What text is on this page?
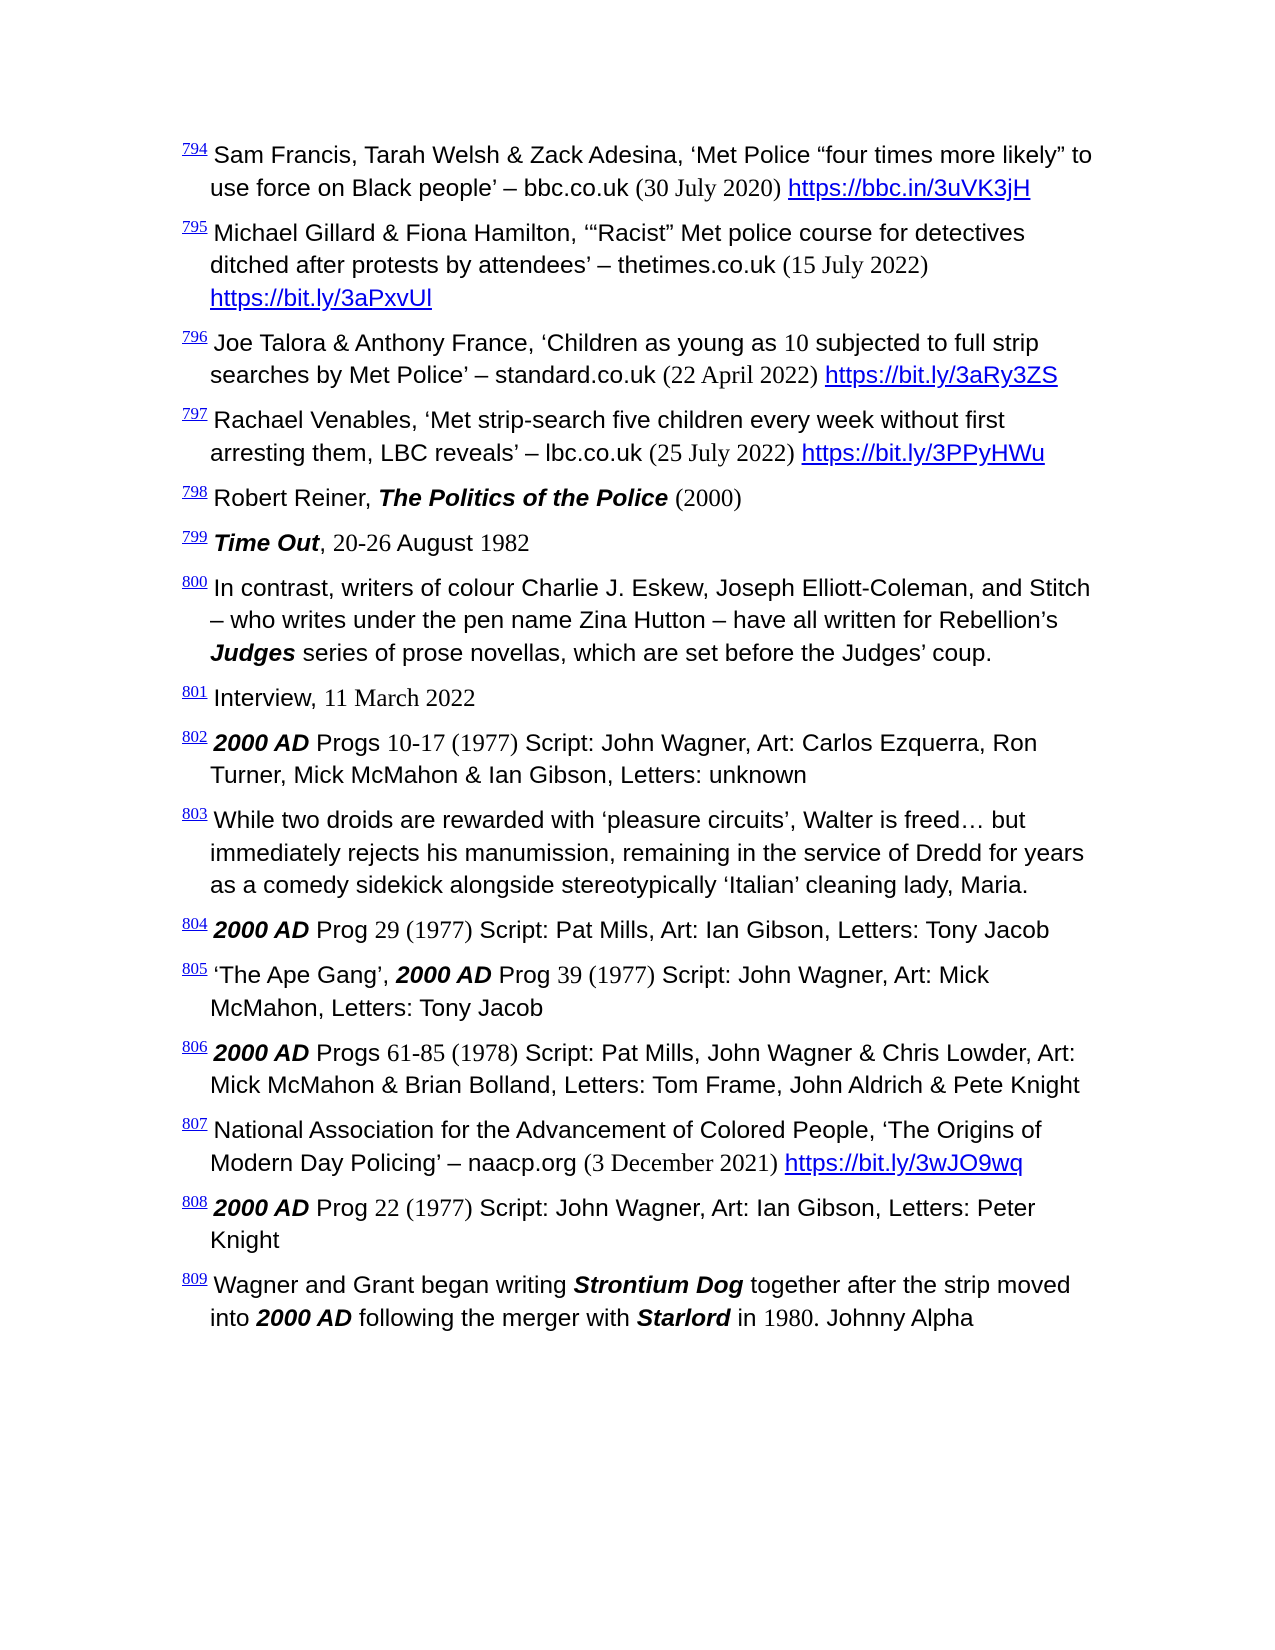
$^{794}$ Sam Francis, Tarah Welsh & Zack Adesina, ‘Met Police “four times more likely” to use force on Black people’ – bbc.co.uk (30 July 2020) https://bbc.in/3uVK3jH
$^{795}$ Michael Gillard & Fiona Hamilton, ‘“Racist” Met police course for detectives ditched after protests by attendees’ – thetimes.co.uk (15 July 2022) https://bit.ly/3aPxvUl
$^{796}$ Joe Talora & Anthony France, ‘Children as young as 10 subjected to full strip searches by Met Police’ – standard.co.uk (22 April 2022) https://bit.ly/3aRy3ZS
$^{797}$ Rachael Venables, ‘Met strip-search five children every week without first arresting them, LBC reveals’ – lbc.co.uk (25 July 2022) https://bit.ly/3PPyHWu
$^{798}$ Robert Reiner, The Politics of the Police (2000)
$^{799}$ Time Out, 20-26 August 1982
$^{800}$ In contrast, writers of colour Charlie J. Eskew, Joseph Elliott-Coleman, and Stitch – who writes under the pen name Zina Hutton – have all written for Rebellion’s Judges series of prose novellas, which are set before the Judges’ coup.
$^{801}$ Interview, 11 March 2022
$^{802}$ 2000 AD Progs 10-17 (1977) Script: John Wagner, Art: Carlos Ezquerra, Ron Turner, Mick McMahon & Ian Gibson, Letters: unknown
$^{803}$ While two droids are rewarded with ‘pleasure circuits’, Walter is freed… but immediately rejects his manumission, remaining in the service of Dredd for years as a comedy sidekick alongside stereotypically ‘Italian’ cleaning lady, Maria.
$^{804}$ 2000 AD Prog 29 (1977) Script: Pat Mills, Art: Ian Gibson, Letters: Tony Jacob
$^{805}$ ‘The Ape Gang’, 2000 AD Prog 39 (1977) Script: John Wagner, Art: Mick McMahon, Letters: Tony Jacob
$^{806}$ 2000 AD Progs 61-85 (1978) Script: Pat Mills, John Wagner & Chris Lowder, Art: Mick McMahon & Brian Bolland, Letters: Tom Frame, John Aldrich & Pete Knight
$^{807}$ National Association for the Advancement of Colored People, ‘The Origins of Modern Day Policing’ – naacp.org (3 December 2021) https://bit.ly/3wJO9wq
$^{808}$ 2000 AD Prog 22 (1977) Script: John Wagner, Art: Ian Gibson, Letters: Peter Knight
$^{809}$ Wagner and Grant began writing Strontium Dog together after the strip moved into 2000 AD following the merger with Starlord in 1980. Johnny Alpha
